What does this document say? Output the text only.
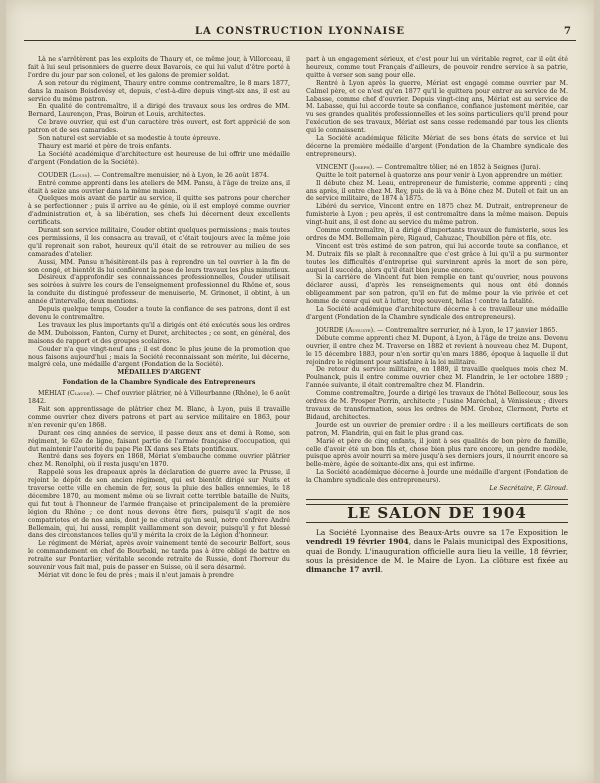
LA CONSTRUCTION LYONNAISE	7

Là ne s'arrêtèrent pas les exploits de Thaury et, ce même jour, à Villorceau, il fait à lui seul prisonniers de guerre deux Bavarois, ce qui lui valut d'être porté à l'ordre du jour par son colonel, et les galons de premier soldat.

A son retour du régiment, Thaury entre comme contremaître, le 8 mars 1877, dans la maison Boisdevésy et, depuis, c'est-à-dire depuis vingt-six ans, il est au service du même patron.

En qualité de contremaître, il a dirigé des travaux sous les ordres de MM. Bernard, Laurençon, Pras, Boirun et Louis, architectes.

Ce brave ouvrier, qui est d'un caractère très ouvert, est fort apprécié de son patron et de ses camarades.

Son naturel est serviable et sa modestie à toute épreuve.

Thaury est marié et père de trois enfants.

La Société académique d'architecture est heureuse de lui offrir une médaille d'argent (Fondation de la Société).

COUDER (Louis). — Contremaître menuisier, né à Lyon, le 26 août 1874.

Entré comme apprenti dans les ateliers de MM. Pansu, à l'âge de treize ans, il était à seize ans ouvrier dans la même maison.

Quelques mois avant de partir au service, il quitte ses patrons pour chercher à se perfectionner ; puis il arrive au 4e génie, où il est employé comme ouvrier d'administration et, à sa libération, ses chefs lui décernent deux excellents certificats.

Durant son service militaire, Couder obtint quelques permissions ; mais toutes ces permissions, il les consacra au travail, et c'était toujours avec la même joie qu'il reprenait son rabot, heureux qu'il était de se retrouver au milieu de ses camarades d'atelier.

Aussi, MM. Pansu n'hésitèrent-ils pas à reprendre un tel ouvrier à la fin de son congé, et bientôt ils lui confièrent la pose de leurs travaux les plus minutieux.

Désireux d'approfondir ses connaissances professionnelles, Couder utilisait ses soirées à suivre les cours de l'enseignement professionnel du Rhône et, sous la conduite du distingué professeur de menuiserie, M. Grinonet, il obtint, à un année d'intervalle, deux mentions.

Depuis quelque temps, Couder a toute la confiance de ses patrons, dont il est devenu le contremaître.

Les travaux les plus importants qu'il a dirigés ont été exécutés sous les ordres de MM. Duboisson, Fanton, Curny et Duret, architectes ; ce sont, en général, des maisons de rapport et des groupes scolaires.

Couder n'a que vingt-neuf ans ; il est donc le plus jeune de la promotion que nous faisons aujourd'hui ; mais la Société reconnaissant son mérite, lui décerne, malgré cela, une médaille d'argent (Fondation de la Société).

MÉDAILLES D'ARGENT

Fondation de la Chambre Syndicale des Entrepreneurs

MÉHIAT (Claude). — Chef ouvrier plâtrier, né à Villeurbanne (Rhône), le 6 août 1842.

Fait son apprentissage de plâtrier chez M. Blanc, à Lyon, puis il travaille comme ouvrier chez divers patrons et part au service militaire en 1863, pour n'en revenir qu'en 1868.

Durant ces cinq années de service, il passe deux ans et demi à Rome, son régiment, le 62e de ligne, faisant partie de l'armée française d'occupation, qui dut maintenir l'autorité du pape Pie IX dans ses Etats pontificaux.

Rentré dans ses foyers en 1868, Mériat s'embauche comme ouvrier plâtrier chez M. Renolphi, où il resta jusqu'en 1870.

Rappelé sous les drapeaux après la déclaration de guerre avec la Prusse, il rejoint le dépôt de son ancien régiment, qui est bientôt dirigé sur Nuits et traverse cette ville en chemin de fer, sous la pluie des balles ennemies, le 18 décembre 1870, au moment même où se livrait cette terrible bataille de Nuits, qui fut tout à l'honneur de l'armée française et principalement de la première légion du Rhône ; ce dont nous devons être fiers, puisqu'il s'agit de nos compatriotes et de nos amis, dont je ne citerai qu'un seul, notre confrère André Bellemain, qui, lui aussi, remplit vaillamment son devoir, puisqu'il y fut blessé dans des circonstances telles qu'il y mérita la croix de la Légion d'honneur.

Le régiment de Mériat, après avoir vainement tenté de secourir Belfort, sous le commandement en chef de Bourbaki, ne tarda pas à être obligé de battre en retraite sur Pontarlier, véritable seconde retraite de Russie, dont l'horreur du souvenir vous fait mal, puis de passer en Suisse, où il sera désarmé.

Mériat vit donc le feu de près ; mais il n'eut jamais à prendre

part à un engagement sérieux, et c'est pour lui un véritable regret, car il eût été heureux, comme tout Français d'ailleurs, de pouvoir rendre service à sa patrie, quitte à verser son sang pour elle.

Rentré à Lyon après la guerre, Mériat est engagé comme ouvrier par M. Calmel père, et ce n'est qu'en 1877 qu'il le quittera pour entrer au service de M. Labasse, comme chef d'ouvrier. Depuis vingt-cinq ans, Mériat est au service de M. Labasse, qui lui accorde toute sa confiance, confiance justement méritée, car vu ses grandes qualités professionnelles et les soins particuliers qu'il prend pour l'exécution de ses travaux, Mériat est sans cesse redemandé par tous les clients qui le connaissent.

La Société académique félicite Mériat de ses bons états de service et lui décerne la première médaille d'argent (Fondation de la Chambre syndicale des entrepreneurs).

VINCENT (Joseph). — Contremaître tôlier, né en 1852 à Seignes (Jura).

Quitte le toit paternel à quatorze ans pour venir à Lyon apprendre un métier.

Il débute chez M. Leau, entrepreneur de fumisterie, comme apprenti ; cinq ans après, il entre chez M. Rey, puis de là va à Bône chez M. Dutell et fait un an de service militaire, de 1874 à 1875.

Libéré du service, Vincent entre en 1875 chez M. Dutrait, entrepreneur de fumisterie à Lyon ; peu après, il est contremaître dans la même maison. Depuis vingt-huit ans, il est donc au service du même patron.

Comme contremaître, il a dirigé d'importants travaux de fumisterie, sous les ordres de MM. Bellemain père, Rigaud, Cahuzac, Thoubillon père et fils, etc.

Vincent est très estimé de son patron, qui lui accorde toute sa confiance, et M. Dutraix fils se plaît à reconnaître que c'est grâce à lui qu'il a pu surmonter toutes les difficultés d'entreprise qui survinrent après la mort de son père, auquel il succéda, alors qu'il était bien jeune encore.

Si la carrière de Vincent fut bien remplie en tant qu'ouvrier, nous pouvons déclarer aussi, d'après les renseignements qui nous ont été donnés obligeamment par son patron, qu'il en fut de même pour la vie privée et cet homme de cœur qui eut à lutter, trop souvent, hélas ! contre la fatalité.

La Société académique d'architecture décerne à ce travailleur une médaille d'argent (Fondation de la Chambre syndicale des entrepreneurs).

JOURDE (Auguste). — Contremaître serrurier, né à Lyon, le 17 janvier 1865.

Débute comme apprenti chez M. Dupont, à Lyon, à l'âge de treize ans. Devenu ouvrier, il entre chez M. Traverse en 1882 et revient à nouveau chez M. Dupont, le 15 décembre 1883, pour n'en sortir qu'en mars 1886, époque à laquelle il dut rejoindre le régiment pour satisfaire à la loi militaire.

De retour du service militaire, en 1889, il travaille quelques mois chez M. Poulnanck, puis il entre comme ouvrier chez M. Flandrin, le 1er octobre 1889 ; l'année suivante, il était contremaître chez M. Flandrin.

Comme contremaître, Jourde a dirigé les travaux de l'hôtel Bellecour, sous les ordres de M. Prosper Perrin, architecte ; l'usine Maréchal, à Vénissieux ; divers travaux de transformation, sous les ordres de MM. Groboz, Clermont, Porte et Bidaud, architectes.

Jourde est un ouvrier de premier ordre : il a les meilleurs certificats de son patron, M. Flandrin, qui en fait le plus grand cas.

Marié et père de cinq enfants, il joint à ses qualités de bon père de famille, celle d'avoir été un bon fils et, chose bien plus rare encore, un gendre modèle, puisque après avoir nourri sa mère jusqu'à ses derniers jours, il nourrit encore sa belle-mère, âgée de soixante-dix ans, qui est infirme.

La Société académique décerne à Jourde une médaille d'argent (Fondation de la Chambre syndicale des entrepreneurs).

Le Secrétaire, F. Giroud.

LE SALON DE 1904

La Société Lyonnaise des Beaux-Arts ouvre sa 17e Exposition le vendredi 19 février 1904, dans le Palais municipal des Expositions, quai de Bondy. L'inauguration officielle aura lieu la veille, 18 février, sous la présidence de M. le Maire de Lyon. La clôture est fixée au dimanche 17 avril.
